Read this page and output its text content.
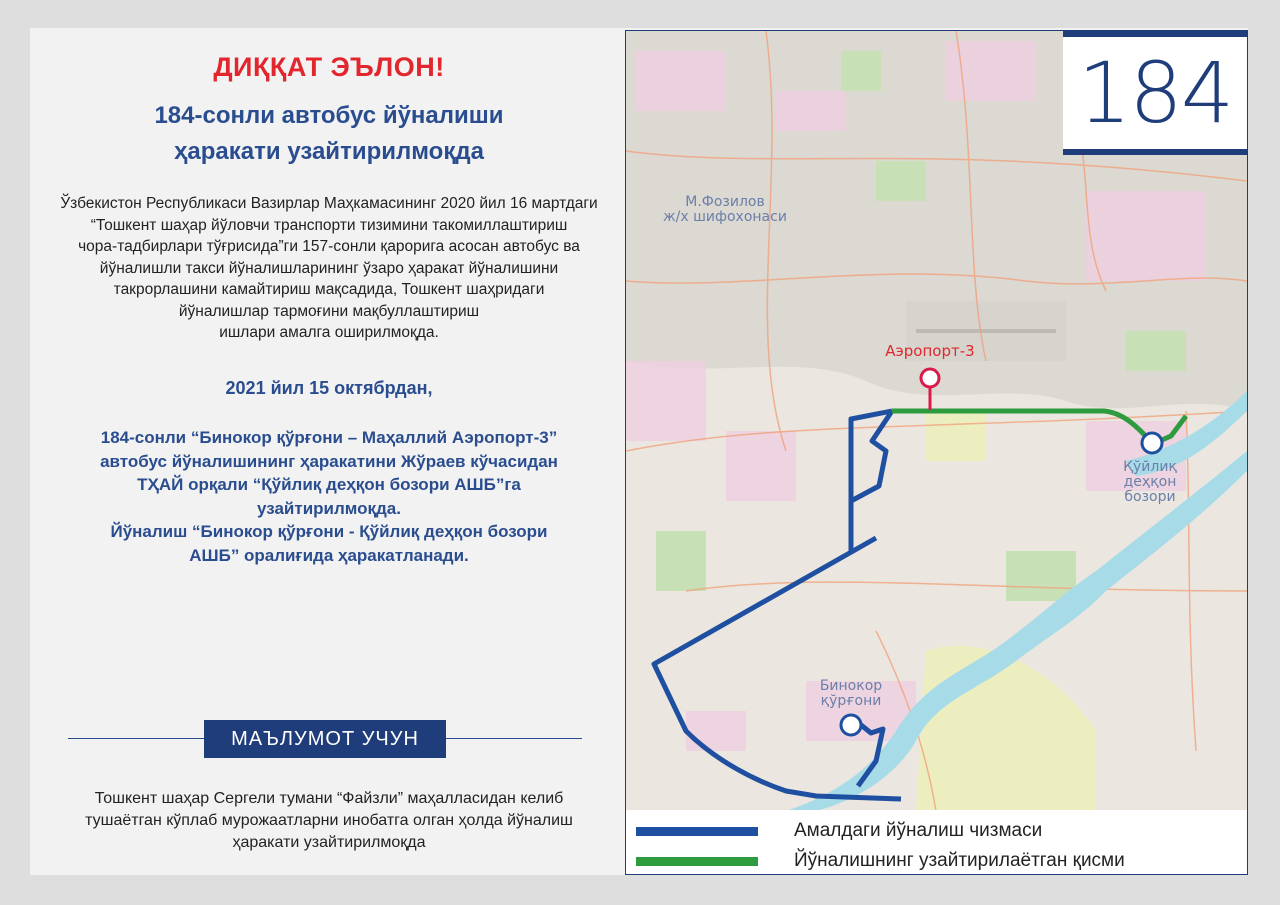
ДИҚҚАТ ЭЪЛОН!
184-сонли автобус йўналиши
ҳаракати узайтирилмоқда
Ўзбекистон Республикаси Вазирлар Маҳкамасининг 2020 йил 16 мартдаги
“Тошкент шаҳар йўловчи транспорти тизимини такомиллаштириш
чора-тадбирлари тўғрисида”ги 157-сонли қарорига асосан автобус ва
йўналишли такси йўналишларининг ўзаро ҳаракат йўналишини
такрорлашини камайтириш мақсадида, Тошкент шаҳридаги
йўналишлар тармоғини мақбуллаштириш
ишлари амалга оширилмоқда.
2021 йил 15 октябрдан,
184-сонли “Бинокор қўрғони – Маҳаллий Аэропорт-3”
автобус йўналишининг ҳаракатини Жўраев кўчасидан
ТҲАЙ орқали “Қўйлиқ деҳқон бозори АШБ”га
узайтирилмоқда.
Йўналиш “Бинокор қўрғони - Қўйлиқ деҳқон бозори
АШБ” оралиғида ҳаракатланади.
МАЪЛУМОТ УЧУН
Тошкент шаҳар Сергели тумани “Файзли” маҳалласидан келиб
тушаётган кўплаб мурожаатларни инобатга олган ҳолда йўналиш
ҳаракати узайтирилмоқда
М.Фозилов
ж/х шифохонаси
Аэропорт-3
Қўйлиқ
деҳқон
бозори
Бинокор
қўрғони
184
Амалдаги йўналиш чизмаси
Йўналишнинг узайтирилаётган қисми
